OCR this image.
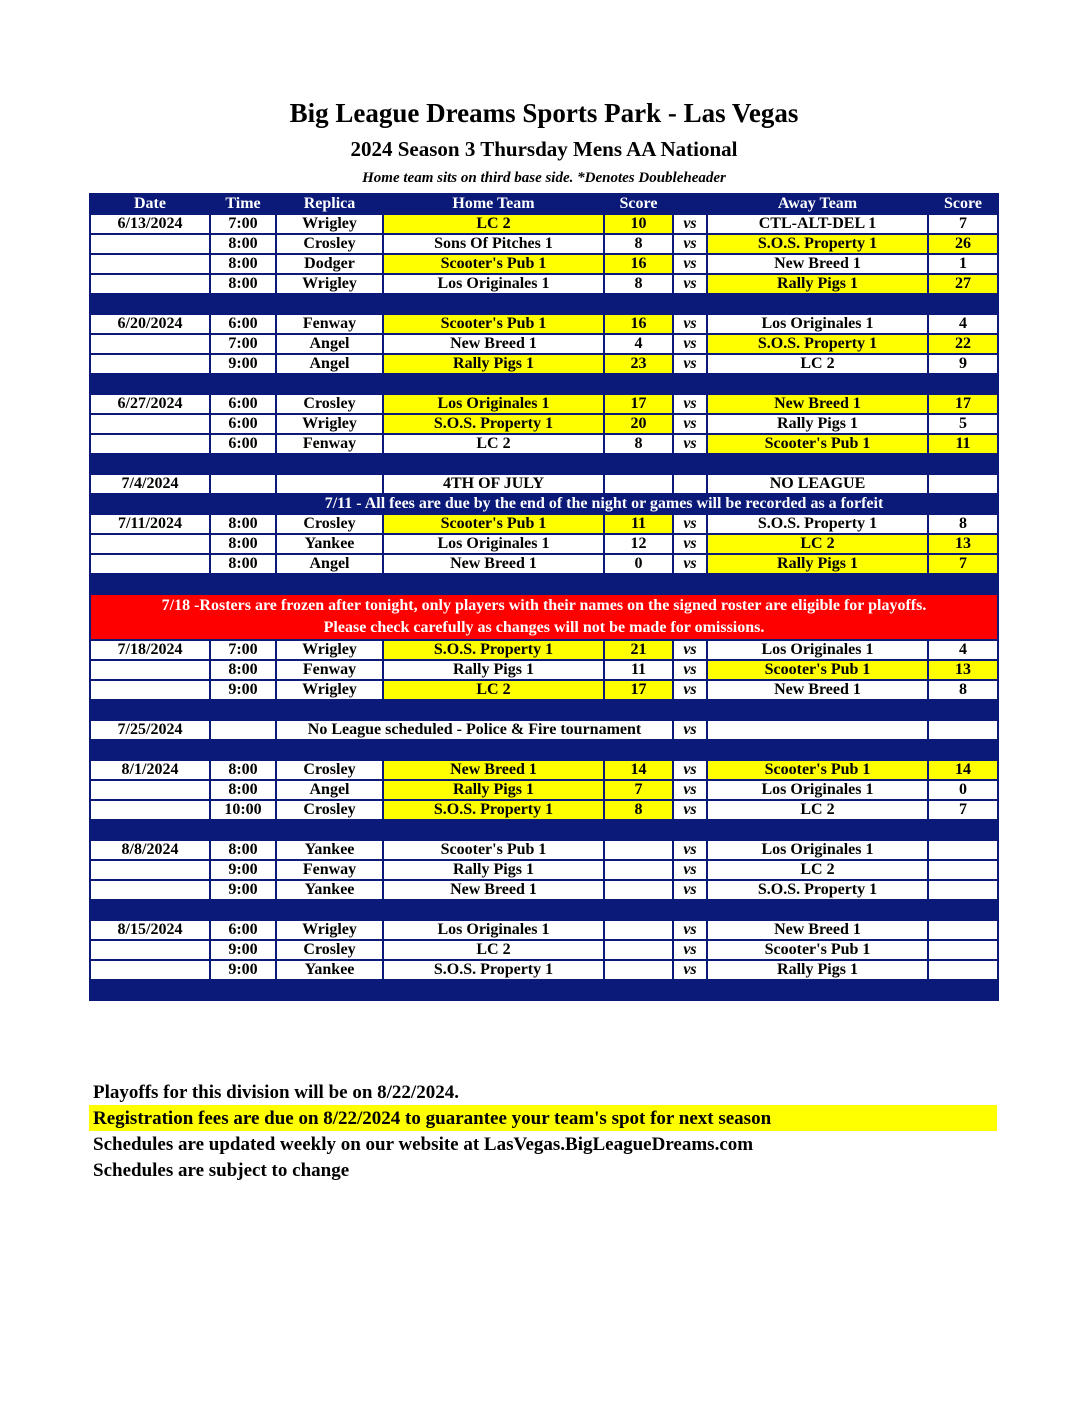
Big League Dreams Sports Park - Las Vegas
2024 Season 3 Thursday Mens AA National
Home team sits on third base side. *Denotes Doubleheader
Date	Time	Replica	Home Team	Score		Away Team	Score
6/13/2024	7:00	Wrigley	LC 2	10	vs	CTL-ALT-DEL 1	7
	8:00	Crosley	Sons Of Pitches 1	8	vs	S.O.S. Property 1	26
	8:00	Dodger	Scooter's Pub 1	16	vs	New Breed 1	1
	8:00	Wrigley	Los Originales 1	8	vs	Rally Pigs 1	27

6/20/2024	6:00	Fenway	Scooter's Pub 1	16	vs	Los Originales 1	4
	7:00	Angel	New Breed 1	4	vs	S.O.S. Property 1	22
	9:00	Angel	Rally Pigs 1	23	vs	LC 2	9

6/27/2024	6:00	Crosley	Los Originales 1	17	vs	New Breed 1	17
	6:00	Wrigley	S.O.S. Property 1	20	vs	Rally Pigs 1	5
	6:00	Fenway	LC 2	8	vs	Scooter's Pub 1	11

7/4/2024			4TH OF JULY			NO LEAGUE	
	7/11 - All fees are due by the end of the night or games will be recorded as a forfeit						
7/11/2024	8:00	Crosley	Scooter's Pub 1	11	vs	S.O.S. Property 1	8
	8:00	Yankee	Los Originales 1	12	vs	LC 2	13
	8:00	Angel	New Breed 1	0	vs	Rally Pigs 1	7

7/18 -Rosters are frozen after tonight, only players with their names on the signed roster are eligible for playoffs.
Please check carefully as changes will not be made for omissions.							

7/18/2024	7:00	Wrigley	S.O.S. Property 1	21	vs	Los Originales 1	4
	8:00	Fenway	Rally Pigs 1	11	vs	Scooter's Pub 1	13
	9:00	Wrigley	LC 2	17	vs	New Breed 1	8

7/25/2024		No League scheduled - Police & Fire tournament			vs		

8/1/2024	8:00	Crosley	New Breed 1	14	vs	Scooter's Pub 1	14
	8:00	Angel	Rally Pigs 1	7	vs	Los Originales 1	0
	10:00	Crosley	S.O.S. Property 1	8	vs	LC 2	7

8/8/2024	8:00	Yankee	Scooter's Pub 1		vs	Los Originales 1	
	9:00	Fenway	Rally Pigs 1		vs	LC 2	
	9:00	Yankee	New Breed 1		vs	S.O.S. Property 1	

8/15/2024	6:00	Wrigley	Los Originales 1		vs	New Breed 1	
	9:00	Crosley	LC 2		vs	Scooter's Pub 1	
	9:00	Yankee	S.O.S. Property 1		vs	Rally Pigs 1	

Playoffs for this division will be on 8/22/2024.
Registration fees are due on 8/22/2024 to guarantee your team's spot for next season
Schedules are updated weekly on our website at LasVegas.BigLeagueDreams.com
Schedules are subject to change
